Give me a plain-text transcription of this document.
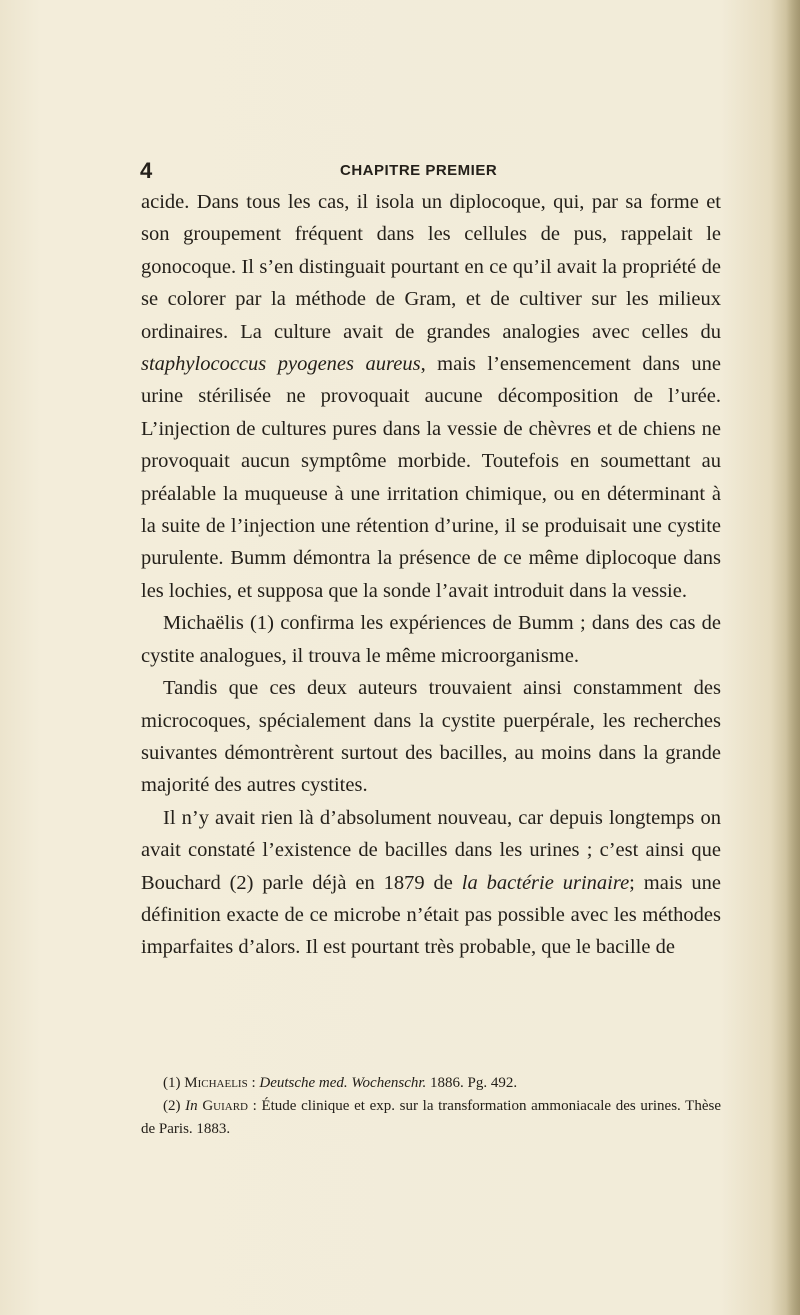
4	CHAPITRE PREMIER

acide. Dans tous les cas, il isola un diplocoque, qui, par sa forme et son groupement fréquent dans les cellules de pus, rappelait le gonocoque. Il s’en distinguait pourtant en ce qu’il avait la propriété de se colorer par la méthode de Gram, et de cultiver sur les milieux ordinaires. La culture avait de grandes analogies avec celles du staphylococcus pyogenes aureus, mais l’ensemencement dans une urine stérilisée ne provoquait aucune décomposition de l’urée. L’injection de cultures pures dans la vessie de chèvres et de chiens ne provoquait aucun symptôme morbide. Toutefois en soumettant au préalable la muqueuse à une irritation chimique, ou en déterminant à la suite de l’injection une rétention d’urine, il se produisait une cystite purulente. Bumm démontra la présence de ce même diplocoque dans les lochies, et supposa que la sonde l’avait introduit dans la vessie.

Michaëlis (1) confirma les expériences de Bumm ; dans des cas de cystite analogues, il trouva le même microorganisme.

Tandis que ces deux auteurs trouvaient ainsi constamment des microcoques, spécialement dans la cystite puerpérale, les recherches suivantes démontrèrent surtout des bacilles, au moins dans la grande majorité des autres cystites.

Il n’y avait rien là d’absolument nouveau, car depuis longtemps on avait constaté l’existence de bacilles dans les urines ; c’est ainsi que Bouchard (2) parle déjà en 1879 de la bactérie urinaire; mais une définition exacte de ce microbe n’était pas possible avec les méthodes imparfaites d’alors. Il est pourtant très probable, que le bacille de

(1) Michaelis : Deutsche med. Wochenschr. 1886. Pg. 492.

(2) In Guiard : Étude clinique et exp. sur la transformation ammoniacale des urines. Thèse de Paris. 1883.
